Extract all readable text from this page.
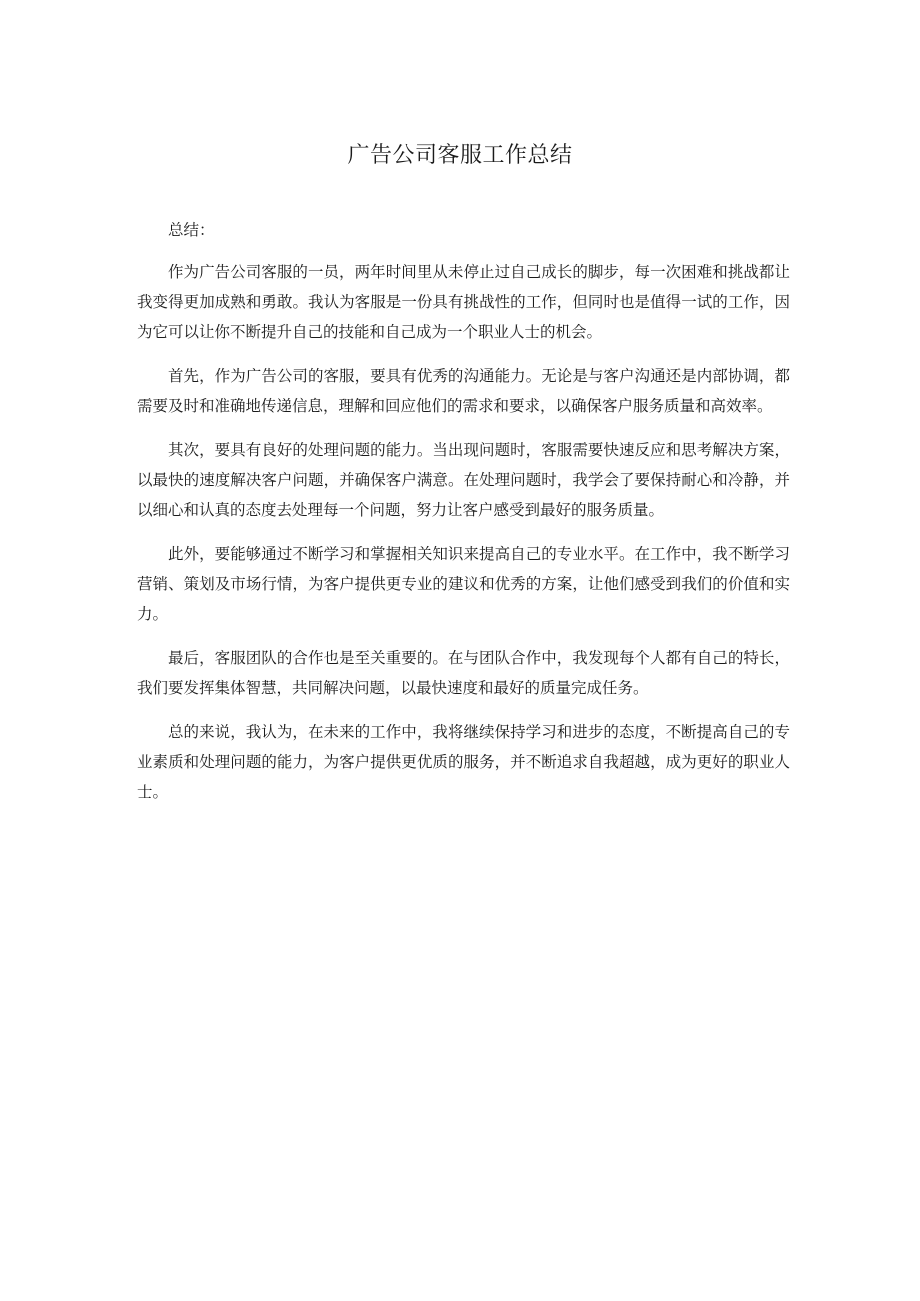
广告公司客服工作总结

总结：

作为广告公司客服的一员，两年时间里从未停止过自己成长的脚步，每一次困难和挑战都让我变得更加成熟和勇敢。我认为客服是一份具有挑战性的工作，但同时也是值得一试的工作，因为它可以让你不断提升自己的技能和自己成为一个职业人士的机会。

首先，作为广告公司的客服，要具有优秀的沟通能力。无论是与客户沟通还是内部协调，都需要及时和准确地传递信息，理解和回应他们的需求和要求，以确保客户服务质量和高效率。

其次，要具有良好的处理问题的能力。当出现问题时，客服需要快速反应和思考解决方案，以最快的速度解决客户问题，并确保客户满意。在处理问题时，我学会了要保持耐心和冷静，并以细心和认真的态度去处理每一个问题，努力让客户感受到最好的服务质量。

此外，要能够通过不断学习和掌握相关知识来提高自己的专业水平。在工作中，我不断学习营销、策划及市场行情，为客户提供更专业的建议和优秀的方案，让他们感受到我们的价值和实力。

最后，客服团队的合作也是至关重要的。在与团队合作中，我发现每个人都有自己的特长，我们要发挥集体智慧，共同解决问题，以最快速度和最好的质量完成任务。

总的来说，我认为，在未来的工作中，我将继续保持学习和进步的态度，不断提高自己的专业素质和处理问题的能力，为客户提供更优质的服务，并不断追求自我超越，成为更好的职业人士。
